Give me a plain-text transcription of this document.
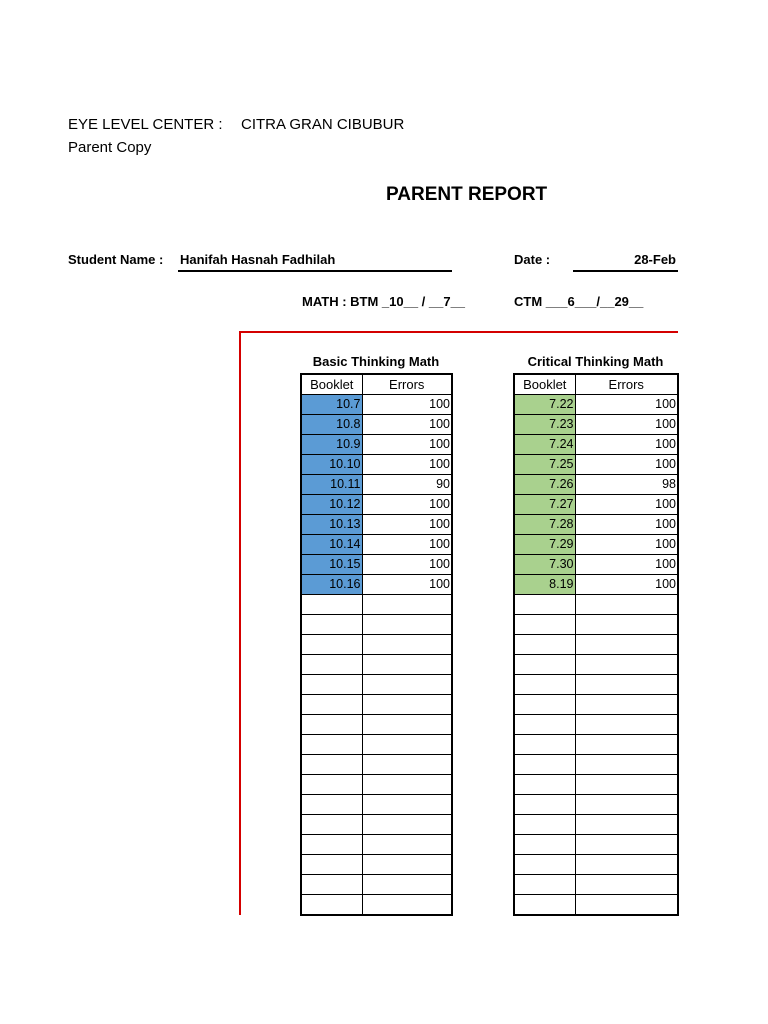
EYE LEVEL CENTER : CITRA GRAN CIBUBUR
Parent Copy
PARENT REPORT
Student Name : Hanifah Hasnah Fadhilah	Date :	28-Feb
MATH : BTM _10__ / __7__	CTM ___6___/__29__
Basic Thinking Math
Booklet	Errors
10.7	100
10.8	100
10.9	100
10.10	100
10.11	90
10.12	100
10.13	100
10.14	100
10.15	100
10.16	100

Critical Thinking Math
Booklet	Errors
7.22	100
7.23	100
7.24	100
7.25	100
7.26	98
7.27	100
7.28	100
7.29	100
7.30	100
8.19	100
